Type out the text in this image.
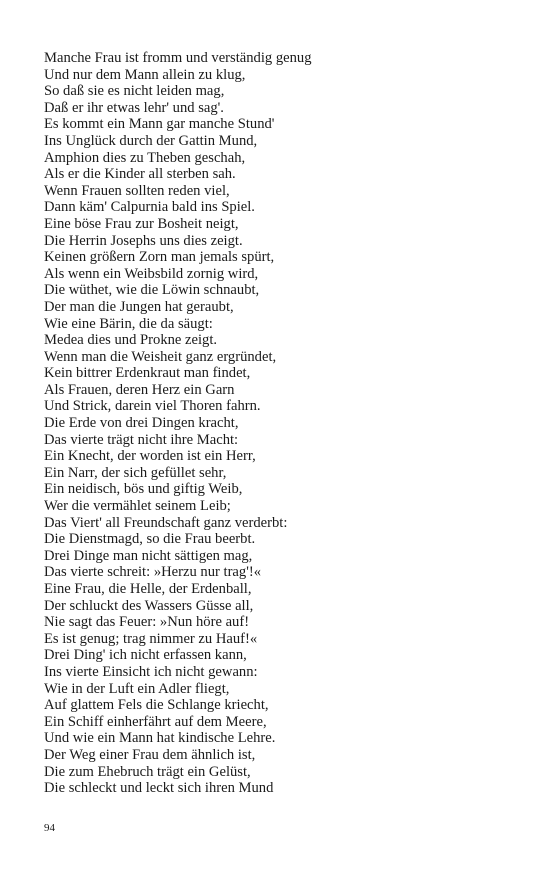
Manche Frau ist fromm und verständig genug
Und nur dem Mann allein zu klug,
So daß sie es nicht leiden mag,
Daß er ihr etwas lehr' und sag'.
Es kommt ein Mann gar manche Stund'
Ins Unglück durch der Gattin Mund,
Amphion dies zu Theben geschah,
Als er die Kinder all sterben sah.
Wenn Frauen sollten reden viel,
Dann käm' Calpurnia bald ins Spiel.
Eine böse Frau zur Bosheit neigt,
Die Herrin Josephs uns dies zeigt.
Keinen größern Zorn man jemals spürt,
Als wenn ein Weibsbild zornig wird,
Die wüthet, wie die Löwin schnaubt,
Der man die Jungen hat geraubt,
Wie eine Bärin, die da säugt:
Medea dies und Prokne zeigt.
Wenn man die Weisheit ganz ergründet,
Kein bittrer Erdenkraut man findet,
Als Frauen, deren Herz ein Garn
Und Strick, darein viel Thoren fahrn.
Die Erde von drei Dingen kracht,
Das vierte trägt nicht ihre Macht:
Ein Knecht, der worden ist ein Herr,
Ein Narr, der sich gefüllet sehr,
Ein neidisch, bös und giftig Weib,
Wer die vermählet seinem Leib;
Das Viert' all Freundschaft ganz verderbt:
Die Dienstmagd, so die Frau beerbt.
Drei Dinge man nicht sättigen mag,
Das vierte schreit: »Herzu nur trag'!«
Eine Frau, die Helle, der Erdenball,
Der schluckt des Wassers Güsse all,
Nie sagt das Feuer: »Nun höre auf!
Es ist genug; trag nimmer zu Hauf!«
Drei Ding' ich nicht erfassen kann,
Ins vierte Einsicht ich nicht gewann:
Wie in der Luft ein Adler fliegt,
Auf glattem Fels die Schlange kriecht,
Ein Schiff einherfährt auf dem Meere,
Und wie ein Mann hat kindische Lehre.
Der Weg einer Frau dem ähnlich ist,
Die zum Ehebruch trägt ein Gelüst,
Die schleckt und leckt sich ihren Mund
94
